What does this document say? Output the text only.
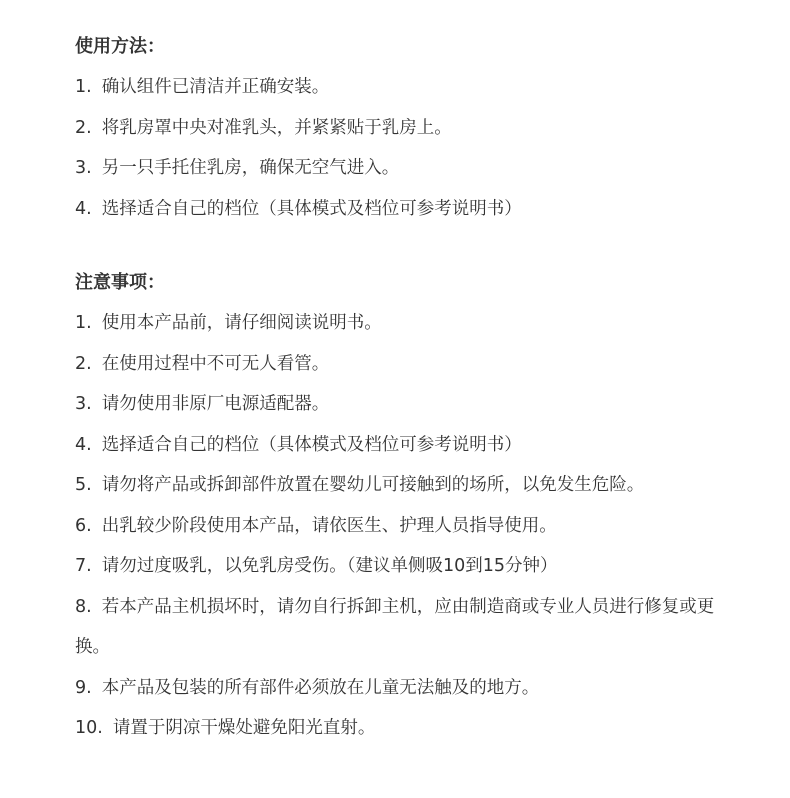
使用方法：
1. 确认组件已清洁并正确安装。
2. 将乳房罩中央对准乳头，并紧紧贴于乳房上。
3. 另一只手托住乳房，确保无空气进入。
4. 选择适合自己的档位（具体模式及档位可参考说明书）
注意事项：
1. 使用本产品前，请仔细阅读说明书。
2. 在使用过程中不可无人看管。
3. 请勿使用非原厂电源适配器。
4. 选择适合自己的档位（具体模式及档位可参考说明书）
5. 请勿将产品或拆卸部件放置在婴幼儿可接触到的场所，以免发生危险。
6. 出乳较少阶段使用本产品，请依医生、护理人员指导使用。
7. 请勿过度吸乳，以免乳房受伤。（建议单侧吸10到15分钟）
8. 若本产品主机损坏时，请勿自行拆卸主机，应由制造商或专业人员进行修复或更换。
9. 本产品及包装的所有部件必须放在儿童无法触及的地方。
10. 请置于阴凉干燥处避免阳光直射。
